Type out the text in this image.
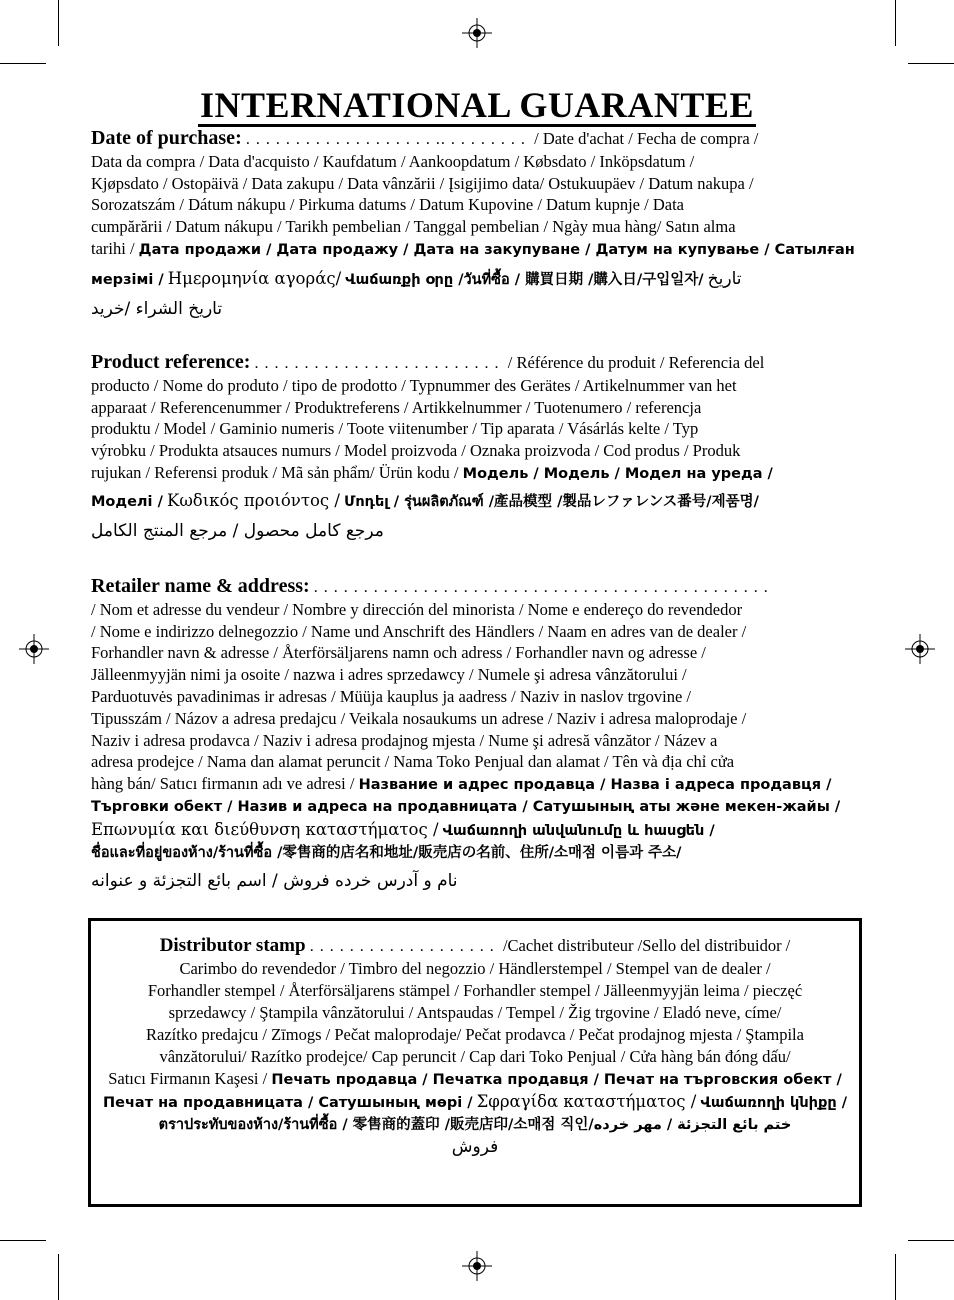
INTERNATIONAL GUARANTEE

Date of purchase: . . . . . . . . . . . . . . . . . . . .. . . . . . . . . / Date d'achat / Fecha de compra /
Data da compra / Data d'acquisto / Kaufdatum / Aankoopdatum / Købsdato / Inköpsdatum /
Kjøpsdato / Ostopäivä / Data zakupu / Data vânzării / Įsigijimo data/ Ostukuupäev / Datum nakupa /
Sorozatszám / Dátum nákupu / Pirkuma datums / Datum Kupovine / Datum kupnje / Data
cumpărării / Datum nákupu / Tarikh pembelian / Tanggal pembelian / Ngày mua hàng/ Satın alma
tarihi / Дата продажи / Дата продажу / Дата на закупуване / Датум на купување / Сатылған
мерзімі / Ημερομηνία αγοράς/ Վաճառքի օրը /วันที่ซื้อ / 購買日期 /購入日/구입일자/ تاريخ
تاريخ الشراء /خريد

Product reference: . . . . . . . . . . . . . . . . . . . . . . . . . / Référence du produit / Referencia del
producto / Nome do produto / tipo de prodotto / Typnummer des Gerätes / Artikelnummer van het
apparaat / Referencenummer / Produktreferens / Artikkelnummer / Tuotenumero / referencja
produktu / Model / Gaminio numeris / Toote viitenumber / Tip aparata / Vásárlás kelte / Typ
výrobku / Produkta atsauces numurs / Model proizvoda / Oznaka proizvoda / Cod produs / Produk
rujukan / Referensi produk / Mã sản phẩm/ Ürün kodu / Модель / Модель / Модел на уреда /
Моделі / Κωδικός προιόντος / Մոդել / รุ่นผลิตภัณฑ์ /產品模型 /製品レファレンス番号/제품명/
مرجع كامل محصول / مرجع المنتج الكامل

Retailer name & address: . . . . . . . . . . . . . . . . . . . . . . . . . . . . . . . . . . . . . . . . . . . . . .
/ Nom et adresse du vendeur / Nombre y dirección del minorista / Nome e endereço do revendedor
/ Nome e indirizzo delnegozzio / Name und Anschrift des Händlers / Naam en adres van de dealer /
Forhandler navn & adresse / Återförsäljarens namn och adress / Forhandler navn og adresse /
Jälleenmyyjän nimi ja osoite / nazwa i adres sprzedawcy / Numele şi adresa vânzătorului /
Parduotuvės pavadinimas ir adresas / Müüja kauplus ja aadress / Naziv in naslov trgovine /
Tipusszám / Názov a adresa predajcu / Veikala nosaukums un adrese / Naziv i adresa maloprodaje /
Naziv i adresa prodavca / Naziv i adresa prodajnog mjesta / Nume şi adresă vânzător / Název a
adresa prodejce / Nama dan alamat peruncit / Nama Toko Penjual dan alamat / Tên và địa chỉ cửa
hàng bán/ Satıcı firmanın adı ve adresi / Название и адрес продавца / Назва і адреса продавця /
Търговки обект / Назив и адреса на продавницата / Сатушының аты және мекен-жайы /
Επωνυμία και διεύθυνση καταστήματος / Վաճառողի անվանումը և հասցեն /
ชื่อและที่อยู่ของห้าง/ร้านที่ซื้อ /零售商的店名和地址/販売店の名前、住所/소매점 이름과 주소/
نام و آدرس خرده فروش / اسم بائع التجزئة و عنوانه

Distributor stamp . . . . . . . . . . . . . . . . . . . /Cachet distributeur /Sello del distribuidor /
Carimbo do revendedor / Timbro del negozzio / Händlerstempel / Stempel van de dealer /
Forhandler stempel / Återförsäljarens stämpel / Forhandler stempel / Jälleenmyyjän leima / pieczęć
sprzedawcy / Ştampila vânzătorului / Antspaudas / Tempel / Žig trgovine / Eladó neve, címe/
Razítko predajcu / Zīmogs / Pečat maloprodaje/ Pečat prodavca / Pečat prodajnog mjesta / Ştampila
vânzătorului/ Razítko prodejce/ Cap peruncit / Cap dari Toko Penjual / Cửa hàng bán đóng dấu/
Satıcı Firmanın Kaşesi / Печать продавца / Печатка продавця / Печат на търговския обект /
Печат на продавницата / Сатушының мөрі / Σφραγίδα καταστήματος / Վաճառողի կնիքը /
ตราประทับของห้าง/ร้านที่ซื้อ / 零售商的蓋印 /販売店印/소매점 직인/ختم بائع التجزئة / مهر خرده
فروش
